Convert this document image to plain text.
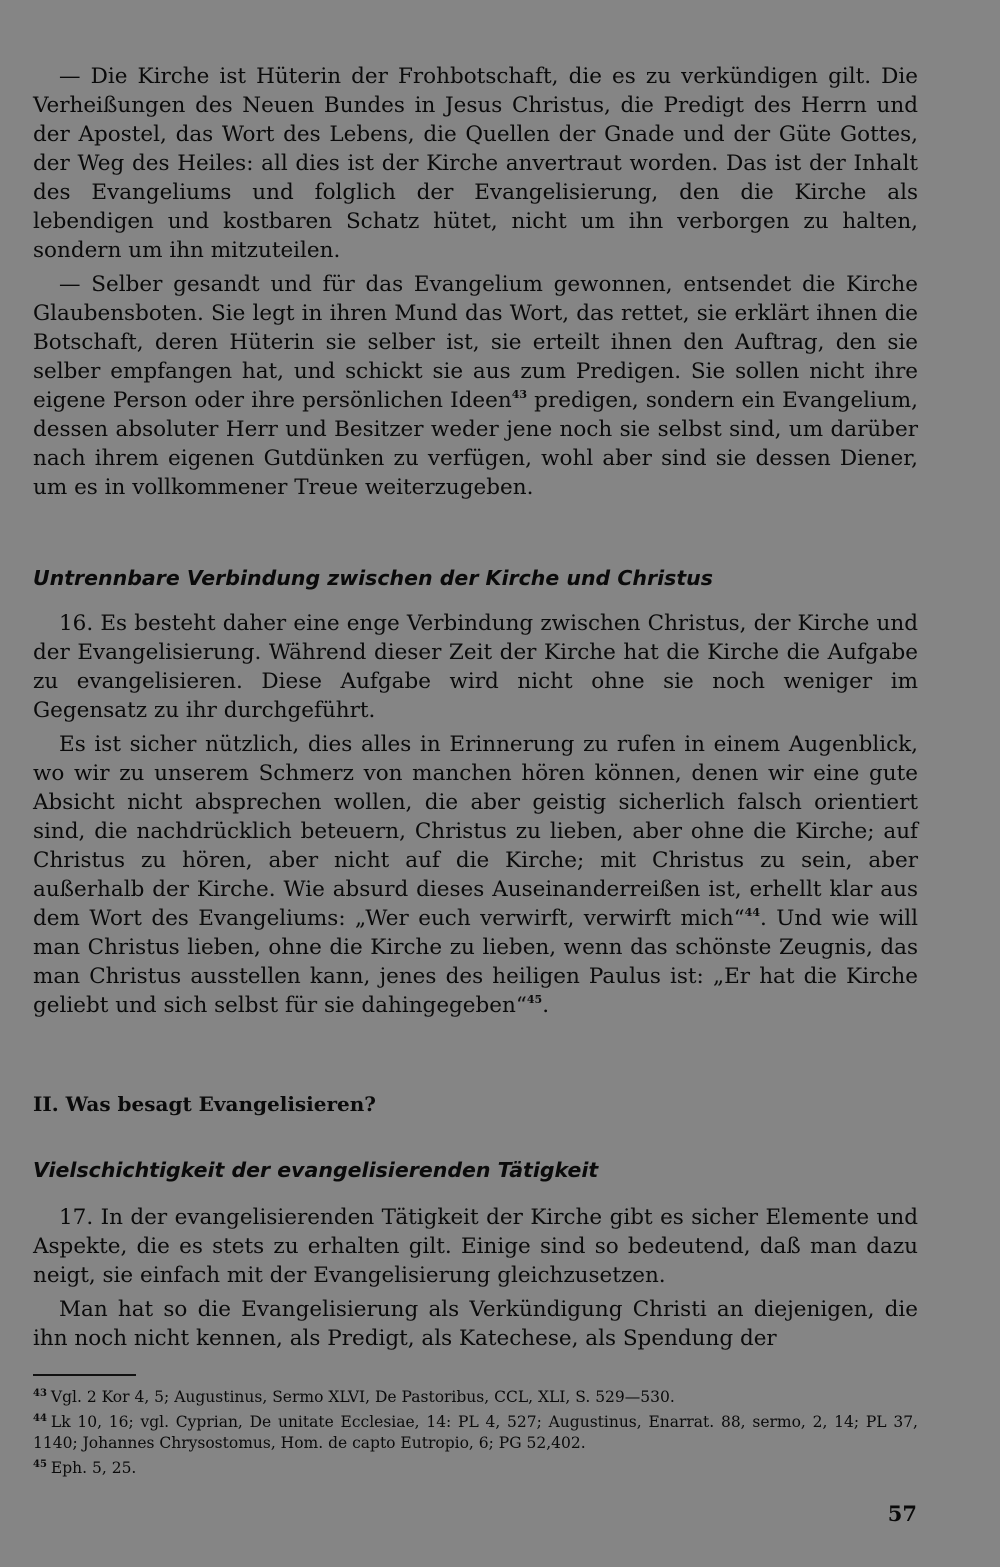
— Die Kirche ist Hüterin der Frohbotschaft, die es zu verkündigen gilt. Die Verheißungen des Neuen Bundes in Jesus Christus, die Predigt des Herrn und der Apostel, das Wort des Lebens, die Quellen der Gnade und der Güte Gottes, der Weg des Heiles: all dies ist der Kirche anvertraut worden. Das ist der Inhalt des Evangeliums und folglich der Evangelisierung, den die Kirche als lebendigen und kostbaren Schatz hütet, nicht um ihn verborgen zu halten, sondern um ihn mitzuteilen.

— Selber gesandt und für das Evangelium gewonnen, entsendet die Kirche Glaubensboten. Sie legt in ihren Mund das Wort, das rettet, sie erklärt ihnen die Botschaft, deren Hüterin sie selber ist, sie erteilt ihnen den Auftrag, den sie selber empfangen hat, und schickt sie aus zum Predigen. Sie sollen nicht ihre eigene Person oder ihre persönlichen Ideen$^{43}$ predigen, sondern ein Evangelium, dessen absoluter Herr und Besitzer weder jene noch sie selbst sind, um darüber nach ihrem eigenen Gutdünken zu verfügen, wohl aber sind sie dessen Diener, um es in vollkommener Treue weiterzugeben.

Untrennbare Verbindung zwischen der Kirche und Christus

16. Es besteht daher eine enge Verbindung zwischen Christus, der Kirche und der Evangelisierung. Während dieser Zeit der Kirche hat die Kirche die Aufgabe zu evangelisieren. Diese Aufgabe wird nicht ohne sie noch weniger im Gegensatz zu ihr durchgeführt.

Es ist sicher nützlich, dies alles in Erinnerung zu rufen in einem Augenblick, wo wir zu unserem Schmerz von manchen hören können, denen wir eine gute Absicht nicht absprechen wollen, die aber geistig sicherlich falsch orientiert sind, die nachdrücklich beteuern, Christus zu lieben, aber ohne die Kirche; auf Christus zu hören, aber nicht auf die Kirche; mit Christus zu sein, aber außerhalb der Kirche. Wie absurd dieses Auseinanderreißen ist, erhellt klar aus dem Wort des Evangeliums: „Wer euch verwirft, verwirft mich“$^{44}$. Und wie will man Christus lieben, ohne die Kirche zu lieben, wenn das schönste Zeugnis, das man Christus ausstellen kann, jenes des heiligen Paulus ist: „Er hat die Kirche geliebt und sich selbst für sie dahingegeben“$^{45}$.

II. Was besagt Evangelisieren?
Vielschichtigkeit der evangelisierenden Tätigkeit

17. In der evangelisierenden Tätigkeit der Kirche gibt es sicher Elemente und Aspekte, die es stets zu erhalten gilt. Einige sind so bedeutend, daß man dazu neigt, sie einfach mit der Evangelisierung gleichzusetzen.

Man hat so die Evangelisierung als Verkündigung Christi an diejenigen, die ihn noch nicht kennen, als Predigt, als Katechese, als Spendung der

$^{43}$ Vgl. 2 Kor 4, 5; Augustinus, Sermo XLVI, De Pastoribus, CCL, XLI, S. 529—530.

$^{44}$ Lk 10, 16; vgl. Cyprian, De unitate Ecclesiae, 14: PL 4, 527; Augustinus, Enarrat. 88, sermo, 2, 14; PL 37, 1140; Johannes Chrysostomus, Hom. de capto Eutropio, 6; PG 52,402.

$^{45}$ Eph. 5, 25.

57
